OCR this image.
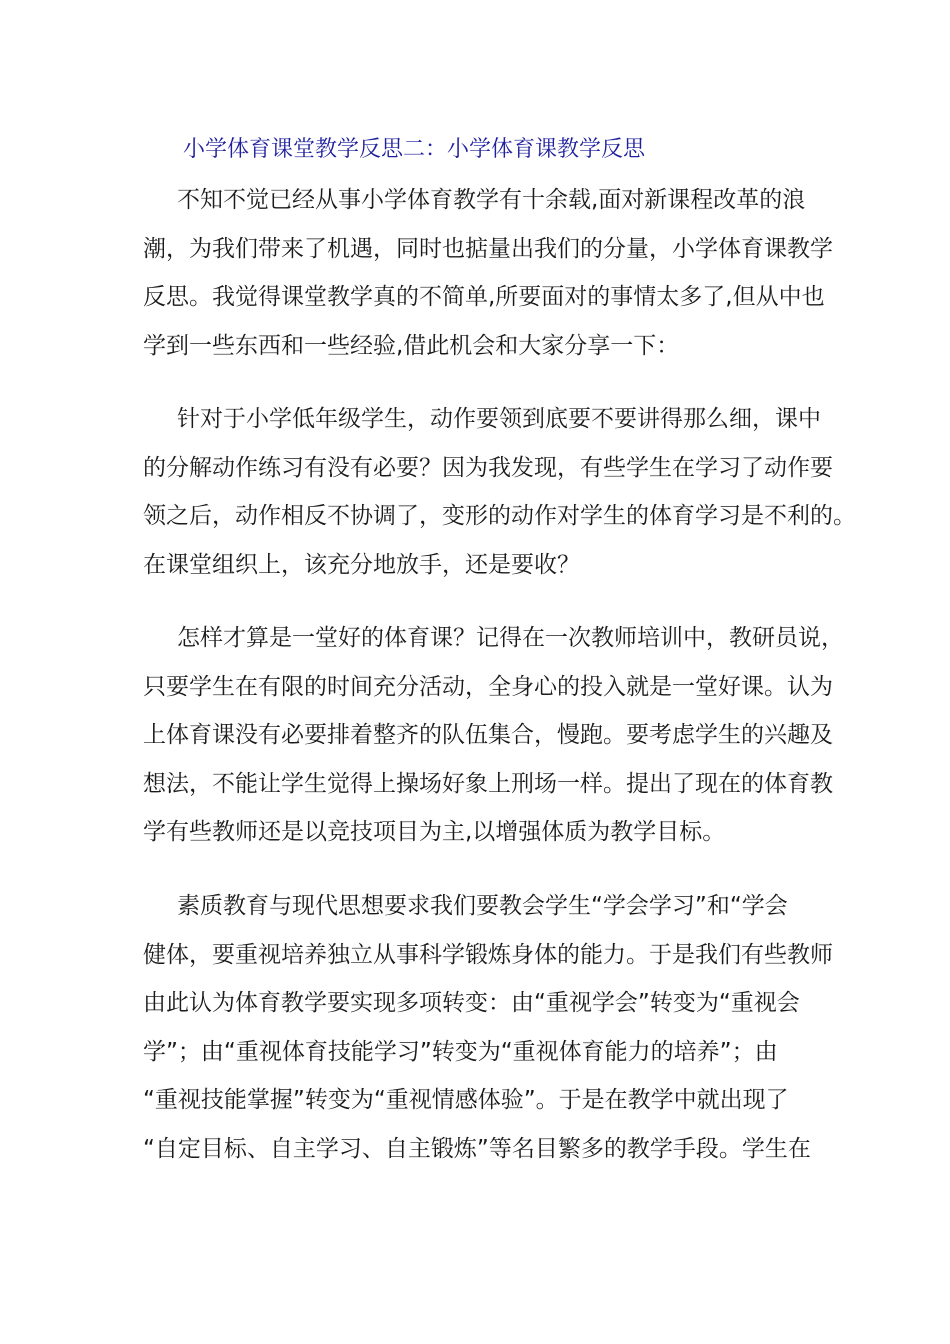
小学体育课堂教学反思二：小学体育课教学反思
不知不觉已经从事小学体育教学有十余载,面对新课程改革的浪
潮，为我们带来了机遇，同时也掂量出我们的分量，小学体育课教学
反思。我觉得课堂教学真的不简单,所要面对的事情太多了,但从中也
学到一些东西和一些经验,借此机会和大家分享一下：
针对于小学低年级学生，动作要领到底要不要讲得那么细，课中
的分解动作练习有没有必要？因为我发现，有些学生在学习了动作要
领之后，动作相反不协调了，变形的动作对学生的体育学习是不利的。
在课堂组织上，该充分地放手，还是要收？
怎样才算是一堂好的体育课？记得在一次教师培训中，教研员说，
只要学生在有限的时间充分活动，全身心的投入就是一堂好课。认为
上体育课没有必要排着整齐的队伍集合，慢跑。要考虑学生的兴趣及
想法，不能让学生觉得上操场好象上刑场一样。提出了现在的体育教
学有些教师还是以竞技项目为主,以增强体质为教学目标。
素质教育与现代思想要求我们要教会学生“学会学习”和“学会
健体，要重视培养独立从事科学锻炼身体的能力。于是我们有些教师
由此认为体育教学要实现多项转变：由“重视学会”转变为“重视会
学”；由“重视体育技能学习”转变为“重视体育能力的培养”；由
“重视技能掌握”转变为“重视情感体验”。于是在教学中就出现了
“自定目标、自主学习、自主锻炼”等名目繁多的教学手段。学生在
